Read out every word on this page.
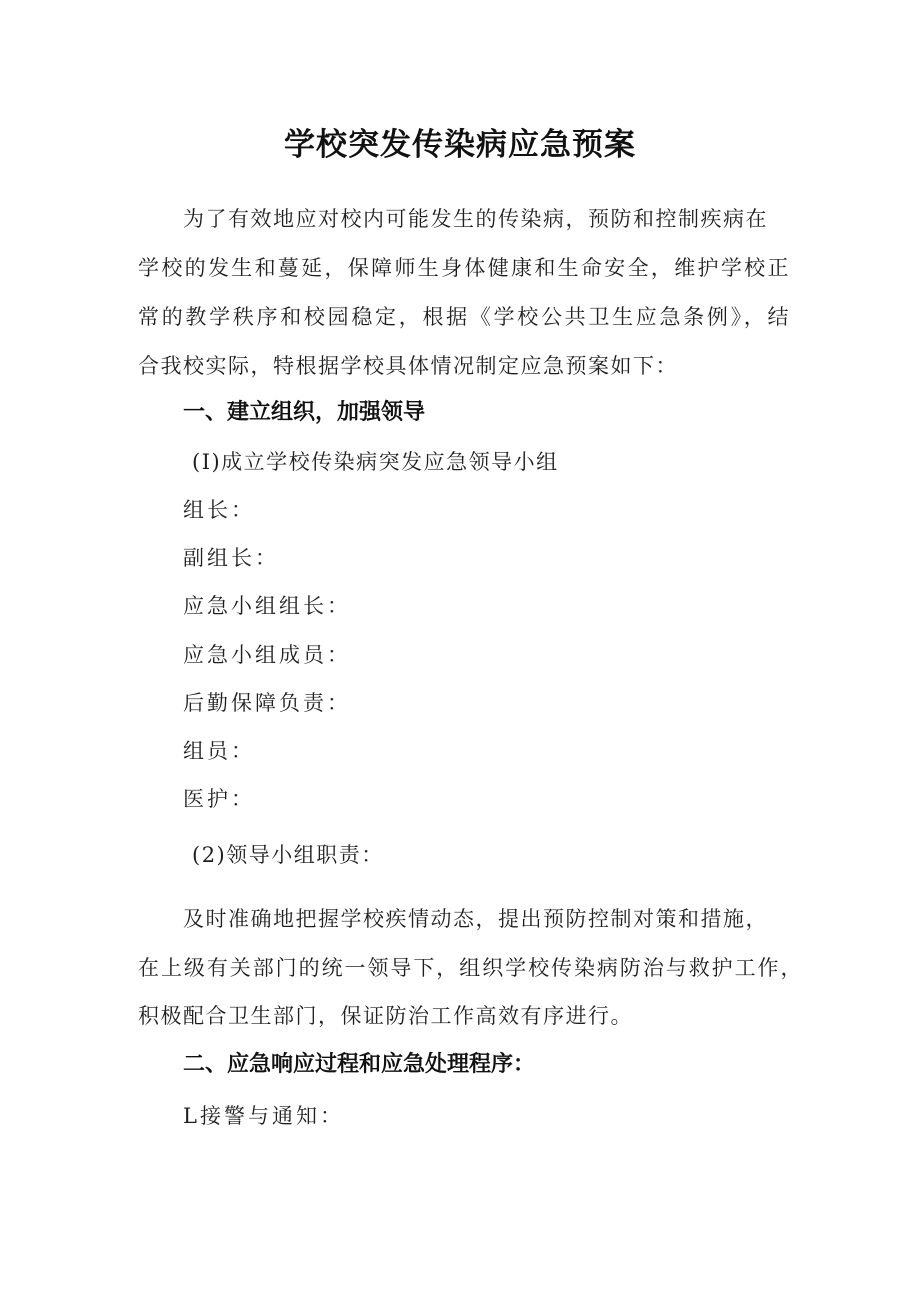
学校突发传染病应急预案
为了有效地应对校内可能发生的传染病，预防和控制疾病在
学校的发生和蔓延，保障师生身体健康和生命安全，维护学校正
常的教学秩序和校园稳定，根据《学校公共卫生应急条例》，结
合我校实际，特根据学校具体情况制定应急预案如下：
一、建立组织，加强领导
(I)成立学校传染病突发应急领导小组
组长：
副组长：
应急小组组长：
应急小组成员：
后勤保障负责：
组员：
医护：
(2)领导小组职责：
及时准确地把握学校疾情动态，提出预防控制对策和措施，
在上级有关部门的统一领导下，组织学校传染病防治与救护工作，
积极配合卫生部门，保证防治工作高效有序进行。
二、应急响应过程和应急处理程序：
L接警与通知：
